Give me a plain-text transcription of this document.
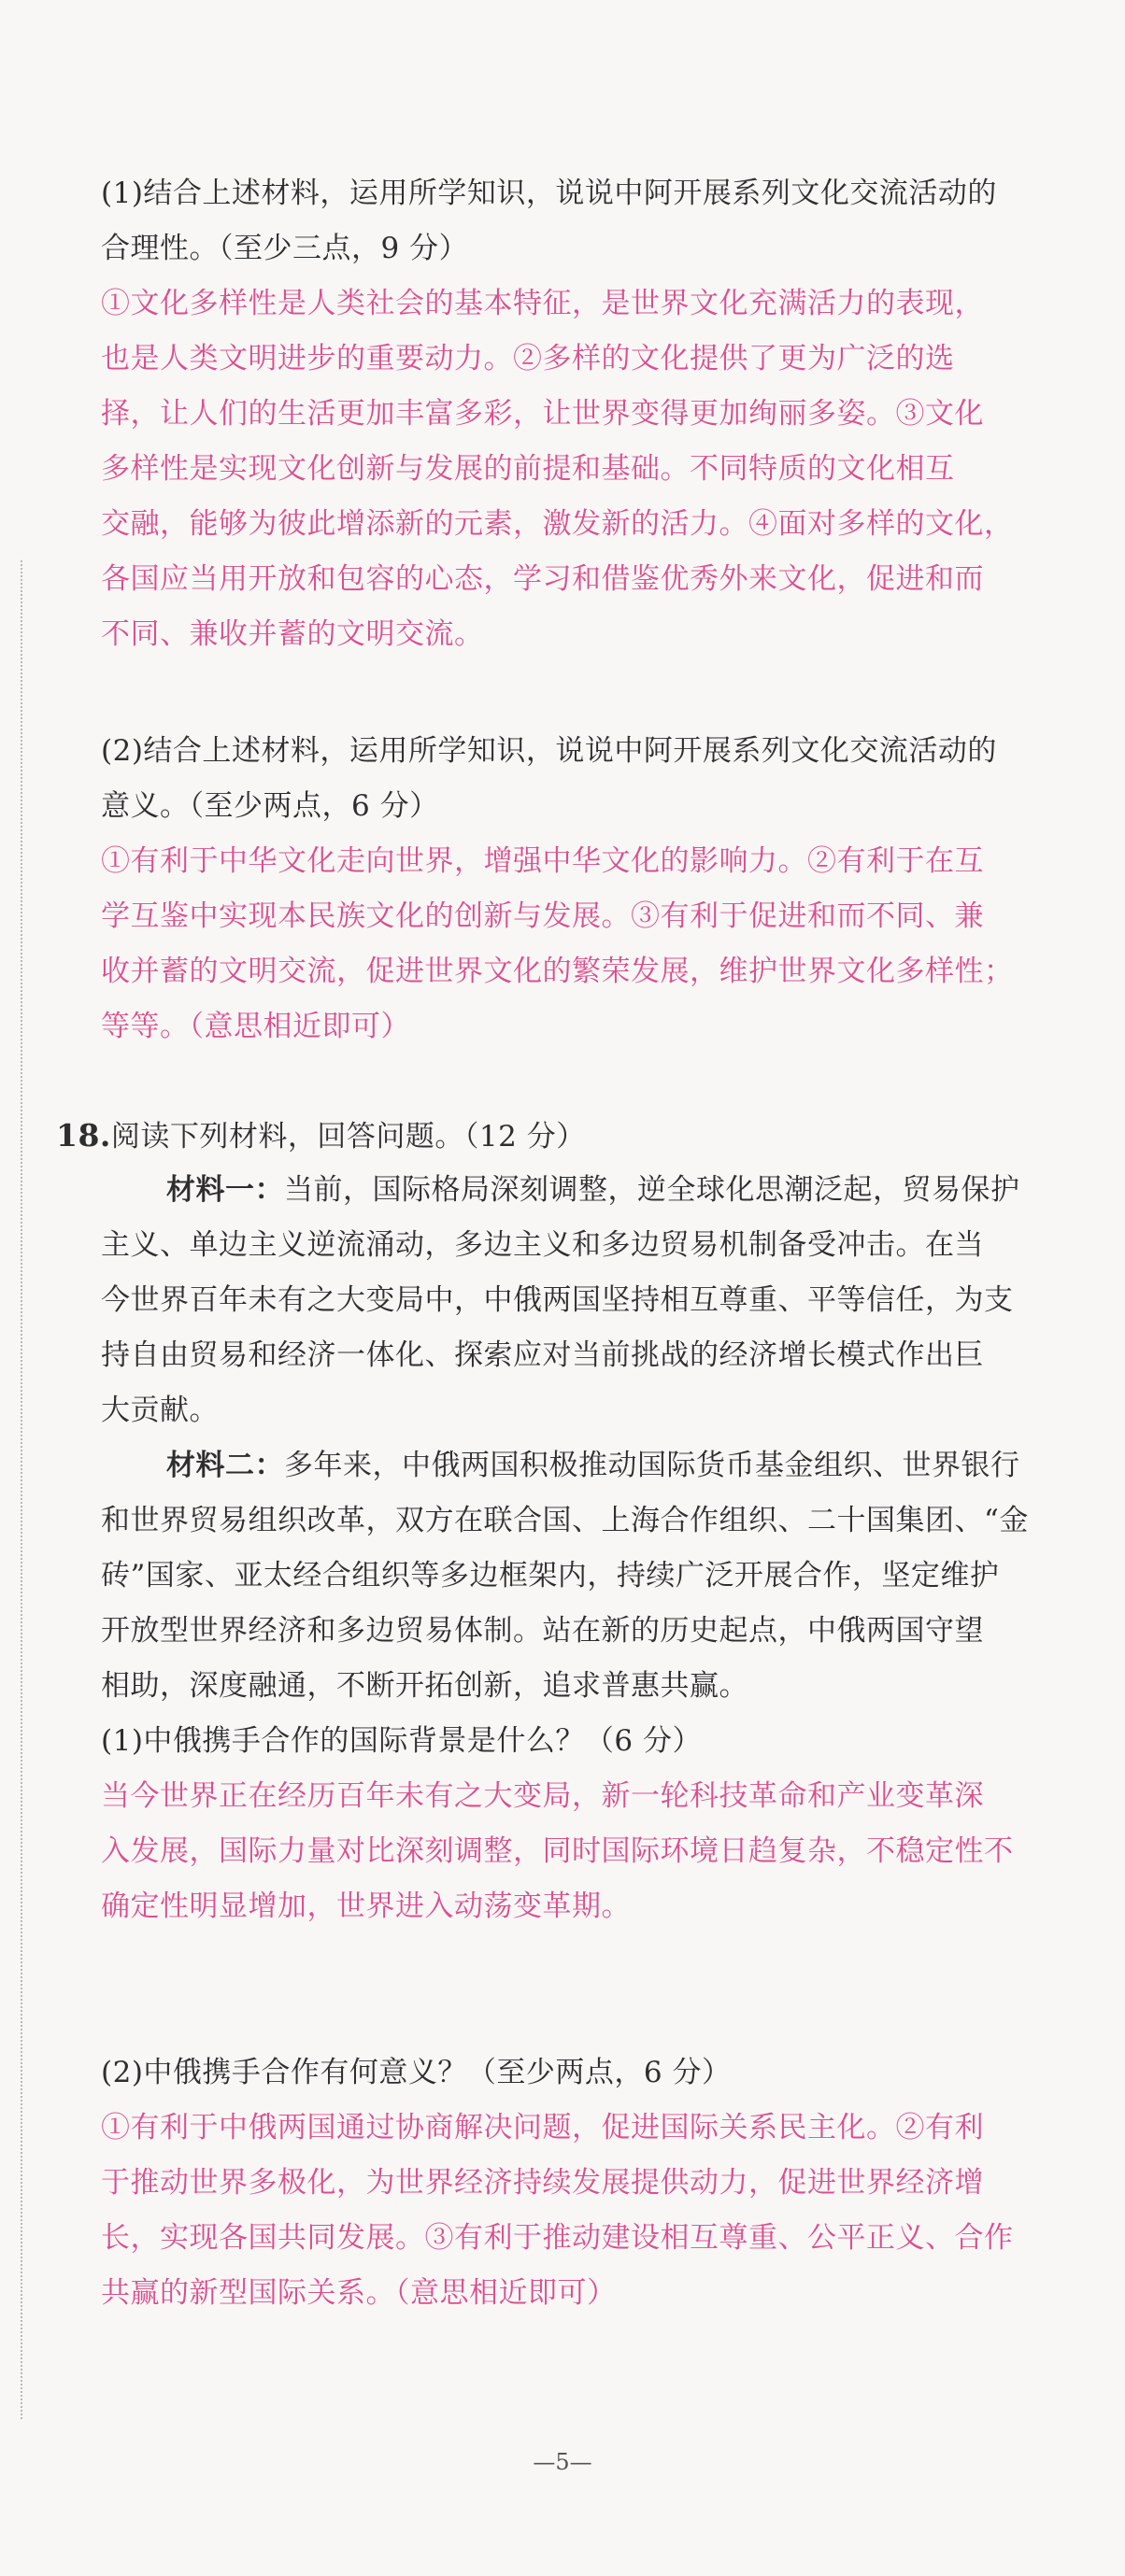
(1)结合上述材料，运用所学知识，说说中阿开展系列文化交流活动的
合理性。（至少三点，9 分）
①文化多样性是人类社会的基本特征，是世界文化充满活力的表现，
也是人类文明进步的重要动力。②多样的文化提供了更为广泛的选
择，让人们的生活更加丰富多彩，让世界变得更加绚丽多姿。③文化
多样性是实现文化创新与发展的前提和基础。不同特质的文化相互
交融，能够为彼此增添新的元素，激发新的活力。④面对多样的文化，
各国应当用开放和包容的心态，学习和借鉴优秀外来文化，促进和而
不同、兼收并蓄的文明交流。
(2)结合上述材料，运用所学知识，说说中阿开展系列文化交流活动的
意义。（至少两点，6 分）
①有利于中华文化走向世界，增强中华文化的影响力。②有利于在互
学互鉴中实现本民族文化的创新与发展。③有利于促进和而不同、兼
收并蓄的文明交流，促进世界文化的繁荣发展，维护世界文化多样性；
等等。（意思相近即可）
18.阅读下列材料，回答问题。（12 分）
材料一：当前，国际格局深刻调整，逆全球化思潮泛起，贸易保护
主义、单边主义逆流涌动，多边主义和多边贸易机制备受冲击。在当
今世界百年未有之大变局中，中俄两国坚持相互尊重、平等信任，为支
持自由贸易和经济一体化、探索应对当前挑战的经济增长模式作出巨
大贡献。
材料二：多年来，中俄两国积极推动国际货币基金组织、世界银行
和世界贸易组织改革，双方在联合国、上海合作组织、二十国集团、“金
砖”国家、亚太经合组织等多边框架内，持续广泛开展合作，坚定维护
开放型世界经济和多边贸易体制。站在新的历史起点，中俄两国守望
相助，深度融通，不断开拓创新，追求普惠共赢。
(1)中俄携手合作的国际背景是什么？（6 分）
当今世界正在经历百年未有之大变局，新一轮科技革命和产业变革深
入发展，国际力量对比深刻调整，同时国际环境日趋复杂，不稳定性不
确定性明显增加，世界进入动荡变革期。
(2)中俄携手合作有何意义？（至少两点，6 分）
①有利于中俄两国通过协商解决问题，促进国际关系民主化。②有利
于推动世界多极化，为世界经济持续发展提供动力，促进世界经济增
长，实现各国共同发展。③有利于推动建设相互尊重、公平正义、合作
共赢的新型国际关系。（意思相近即可）
—5—
